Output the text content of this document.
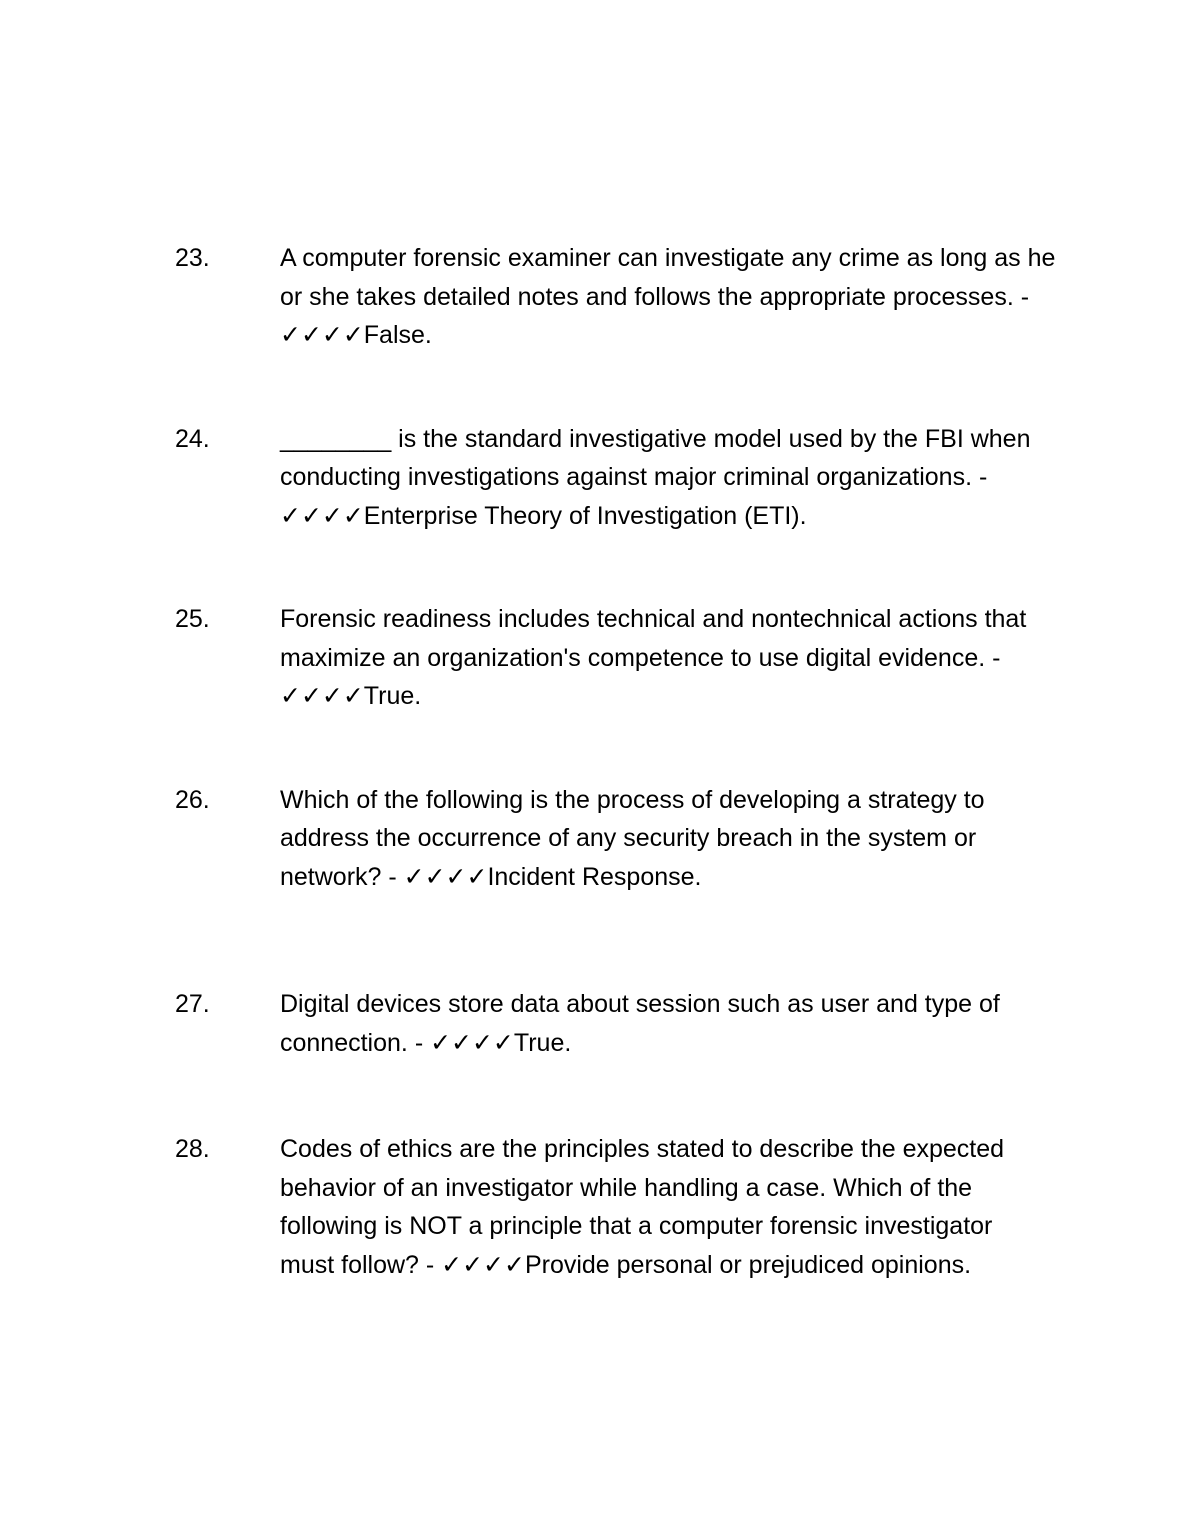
23.	A computer forensic examiner can investigate any crime as long as he
or she takes detailed notes and follows the appropriate processes. -
✓✓✓✓False.
24.	________ is the standard investigative model used by the FBI when
conducting investigations against major criminal organizations. -
✓✓✓✓Enterprise Theory of Investigation (ETI).
25.	Forensic readiness includes technical and nontechnical actions that
maximize an organization's competence to use digital evidence. -
✓✓✓✓True.
26.	Which of the following is the process of developing a strategy to
address the occurrence of any security breach in the system or
network? - ✓✓✓✓Incident Response.
27.	Digital devices store data about session such as user and type of
connection. - ✓✓✓✓True.
28.	Codes of ethics are the principles stated to describe the expected
behavior of an investigator while handling a case. Which of the
following is NOT a principle that a computer forensic investigator
must follow? - ✓✓✓✓Provide personal or prejudiced opinions.
